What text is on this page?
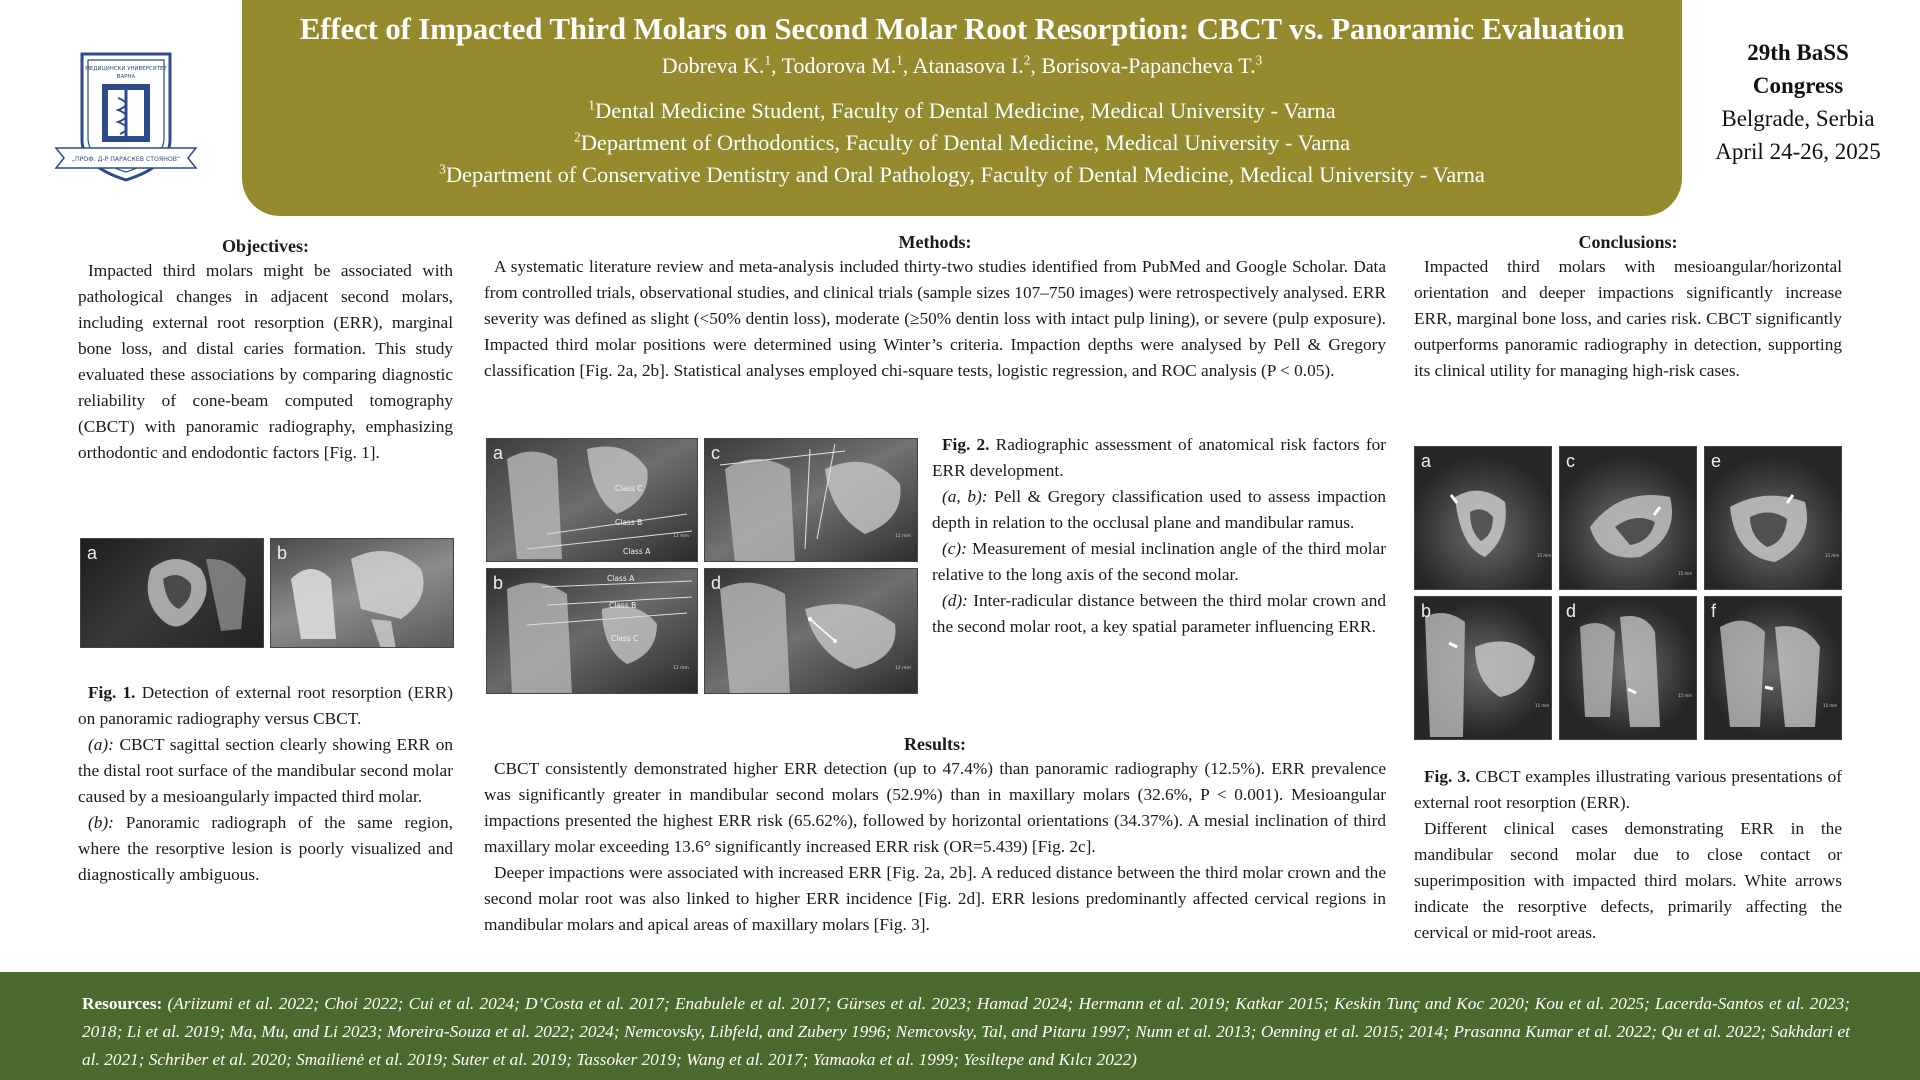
Effect of Impacted Third Molars on Second Molar Root Resorption: CBCT vs. Panoramic Evaluation
Dobreva K.$^1$, Todorova M.$^1$, Atanasova I.$^2$, Borisova-Papancheva T.$^3$
$^1$Dental Medicine Student, Faculty of Dental Medicine, Medical University - Varna
$^2$Department of Orthodontics, Faculty of Dental Medicine, Medical University - Varna
$^3$Department of Conservative Dentistry and Oral Pathology, Faculty of Dental Medicine, Medical University - Varna
МЕДИЦИНСКИ УНИВЕРСИТЕТ
ВАРНА
„ПРОФ. Д-Р ПАРАСКЕВ СТОЯНОВ“
29th BaSS
Congress
Belgrade, Serbia
April 24-26, 2025
Objectives:

Impacted third molars might be associated with pathological changes in adjacent second molars, including external root resorption (ERR), marginal bone loss, and distal caries formation. This study evaluated these associations by comparing diagnostic reliability of cone-beam computed tomography (CBCT) with panoramic radiography, emphasizing orthodontic and endodontic factors [Fig. 1].

a	b

Fig. 1. Detection of external root resorption (ERR) on panoramic radiography versus CBCT.

(a): CBCT sagittal section clearly showing ERR on the distal root surface of the mandibular second molar caused by a mesioangularly impacted third molar.

(b): Panoramic radiograph of the same region, where the resorptive lesion is poorly visualized and diagnostically ambiguous.

Methods:

A systematic literature review and meta-analysis included thirty-two studies identified from PubMed and Google Scholar. Data from controlled trials, observational studies, and clinical trials (sample sizes 107–750 images) were retrospectively analysed. ERR severity was defined as slight (<50% dentin loss), moderate (≥50% dentin loss with intact pulp lining), or severe (pulp exposure). Impacted third molar positions were determined using Winter’s criteria. Impaction depths were analysed by Pell & Gregory classification [Fig. 2a, 2b]. Statistical analyses employed chi-square tests, logistic regression, and ROC analysis (P < 0.05).

Class C
Class B
Class A
12 mm
a
12 mm
c
Class A
Class B
Class C
12 mm
b
12 mm
d

Fig. 2. Radiographic assessment of anatomical risk factors for ERR development.

(a, b): Pell & Gregory classification used to assess impaction depth in relation to the occlusal plane and mandibular ramus.

(c): Measurement of mesial inclination angle of the third molar relative to the long axis of the second molar.

(d): Inter-radicular distance between the third molar crown and the second molar root, a key spatial parameter influencing ERR.

Results:

CBCT consistently demonstrated higher ERR detection (up to 47.4%) than panoramic radiography (12.5%). ERR prevalence was significantly greater in mandibular second molars (52.9%) than in maxillary molars (32.6%, P < 0.001). Mesioangular impactions presented the highest ERR risk (65.62%), followed by horizontal orientations (34.37%). A mesial inclination of third maxillary molar exceeding 13.6° significantly increased ERR risk (OR=5.439) [Fig. 2c].

Deeper impactions were associated with increased ERR [Fig. 2a, 2b]. A reduced distance between the third molar crown and the second molar root was also linked to higher ERR incidence [Fig. 2d]. ERR lesions predominantly affected cervical regions in mandibular molars and apical areas of maxillary molars [Fig. 3].

Conclusions:

Impacted third molars with mesioangular/horizontal orientation and deeper impactions significantly increase ERR, marginal bone loss, and caries risk. CBCT significantly outperforms panoramic radiography in detection, supporting its clinical utility for managing high-risk cases.

15 mm
a
15 mm
c
15 mm
e
15 mm
b
15 mm
d
15 mm
f

Fig. 3. CBCT examples illustrating various presentations of external root resorption (ERR).

Different clinical cases demonstrating ERR in the mandibular second molar due to close contact or superimposition with impacted third molars. White arrows indicate the resorptive defects, primarily affecting the cervical or mid-root areas.

Resources: (Ariizumi et al. 2022; Choi 2022; Cui et al. 2024; D’Costa et al. 2017; Enabulele et al. 2017; Gürses et al. 2023; Hamad 2024; Hermann et al. 2019; Katkar 2015; Keskin Tunç and Koc 2020; Kou et al. 2025; Lacerda-Santos et al. 2023; 2018; Li et al. 2019; Ma, Mu, and Li 2023; Moreira-Souza et al. 2022; 2024; Nemcovsky, Libfeld, and Zubery 1996; Nemcovsky, Tal, and Pitaru 1997; Nunn et al. 2013; Oenning et al. 2015; 2014; Prasanna Kumar et al. 2022; Qu et al. 2022; Sakhdari et al. 2021; Schriber et al. 2020; Smailienė et al. 2019; Suter et al. 2019; Tassoker 2019; Wang et al. 2017; Yamaoka et al. 1999; Yesiltepe and Kılcı 2022)
